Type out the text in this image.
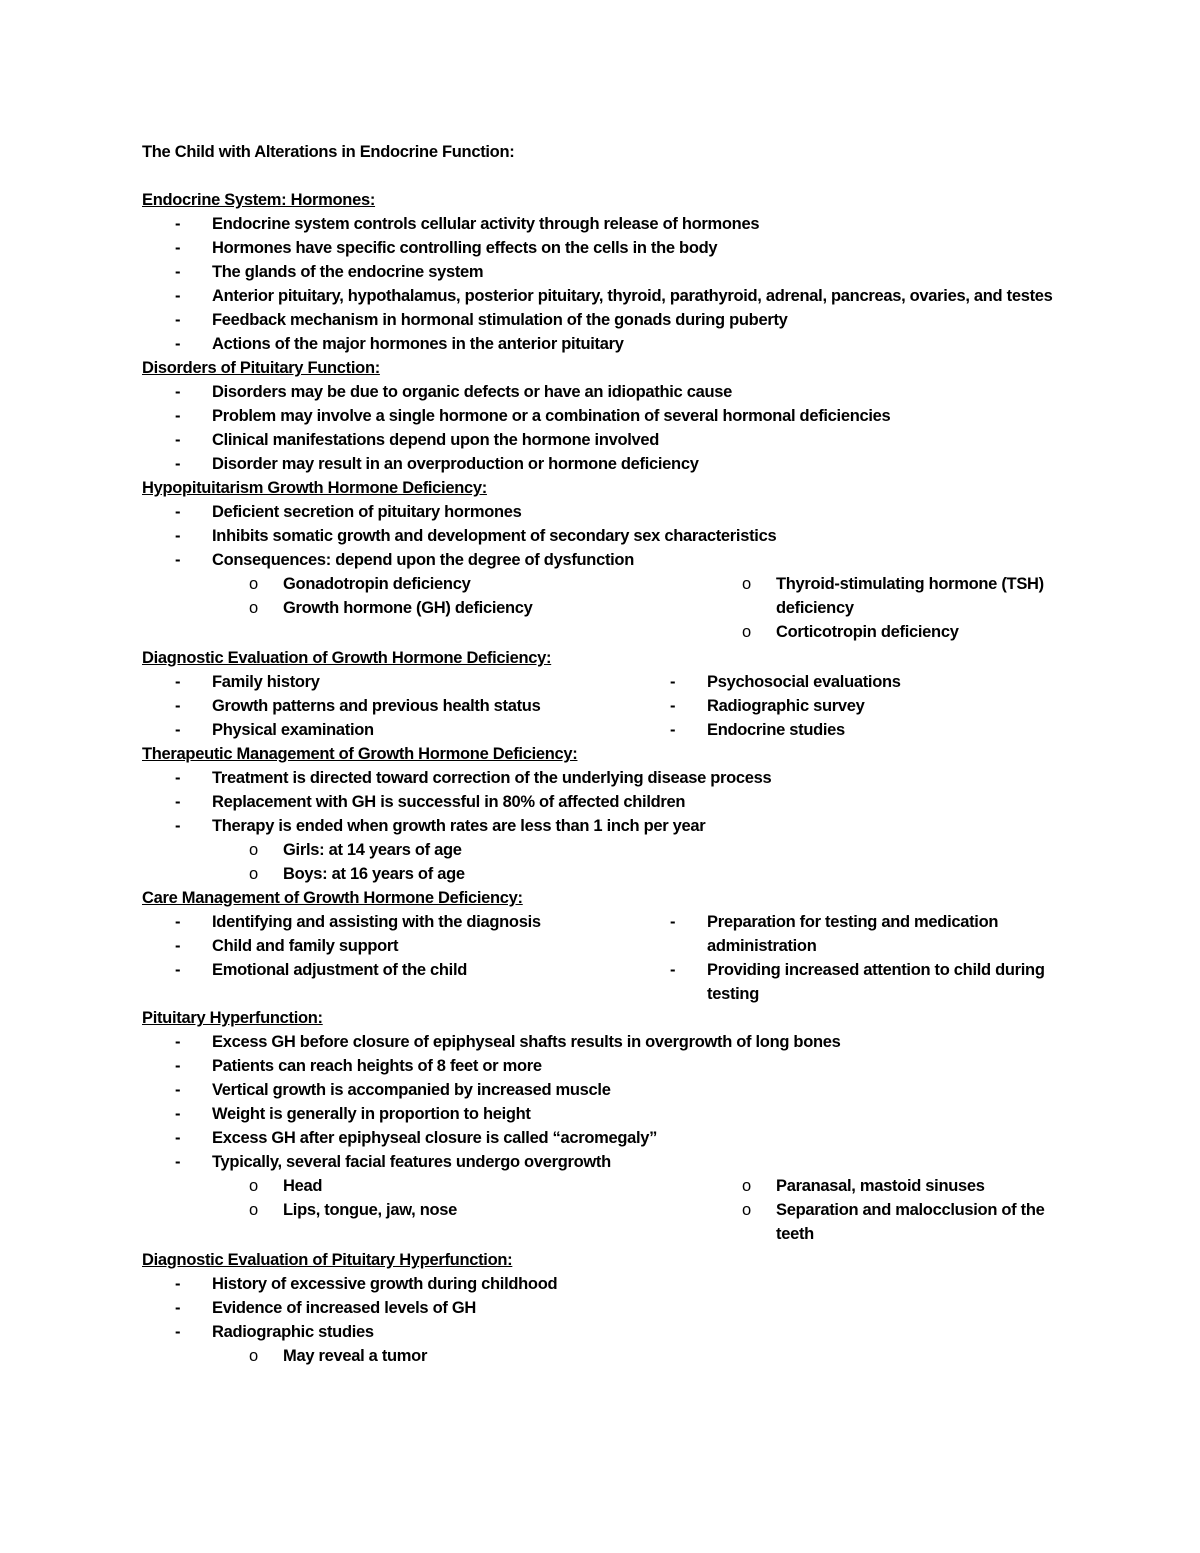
The Child with Alterations in Endocrine Function:
Endocrine System: Hormones:
- Endocrine system controls cellular activity through release of hormones
- Hormones have specific controlling effects on the cells in the body
- The glands of the endocrine system
- Anterior pituitary, hypothalamus, posterior pituitary, thyroid, parathyroid, adrenal, pancreas, ovaries, and testes
- Feedback mechanism in hormonal stimulation of the gonads during puberty
- Actions of the major hormones in the anterior pituitary
Disorders of Pituitary Function:
- Disorders may be due to organic defects or have an idiopathic cause
- Problem may involve a single hormone or a combination of several hormonal deficiencies
- Clinical manifestations depend upon the hormone involved
- Disorder may result in an overproduction or hormone deficiency
Hypopituitarism Growth Hormone Deficiency:
- Deficient secretion of pituitary hormones
- Inhibits somatic growth and development of secondary sex characteristics
- Consequences: depend upon the degree of dysfunction
o Gonadotropin deficiency
o Growth hormone (GH) deficiency
o Thyroid-stimulating hormone (TSH) deficiency
o Corticotropin deficiency
Diagnostic Evaluation of Growth Hormone Deficiency:
- Family history
- Growth patterns and previous health status
- Physical examination
- Psychosocial evaluations
- Radiographic survey
- Endocrine studies
Therapeutic Management of Growth Hormone Deficiency:
- Treatment is directed toward correction of the underlying disease process
- Replacement with GH is successful in 80% of affected children
- Therapy is ended when growth rates are less than 1 inch per year
o Girls: at 14 years of age
o Boys: at 16 years of age
Care Management of Growth Hormone Deficiency:
- Identifying and assisting with the diagnosis
- Child and family support
- Emotional adjustment of the child
- Preparation for testing and medication administration
- Providing increased attention to child during testing
Pituitary Hyperfunction:
- Excess GH before closure of epiphyseal shafts results in overgrowth of long bones
- Patients can reach heights of 8 feet or more
- Vertical growth is accompanied by increased muscle
- Weight is generally in proportion to height
- Excess GH after epiphyseal closure is called “acromegaly”
- Typically, several facial features undergo overgrowth
o Head
o Lips, tongue, jaw, nose
o Paranasal, mastoid sinuses
o Separation and malocclusion of the teeth
Diagnostic Evaluation of Pituitary Hyperfunction:
- History of excessive growth during childhood
- Evidence of increased levels of GH
- Radiographic studies
o May reveal a tumor
